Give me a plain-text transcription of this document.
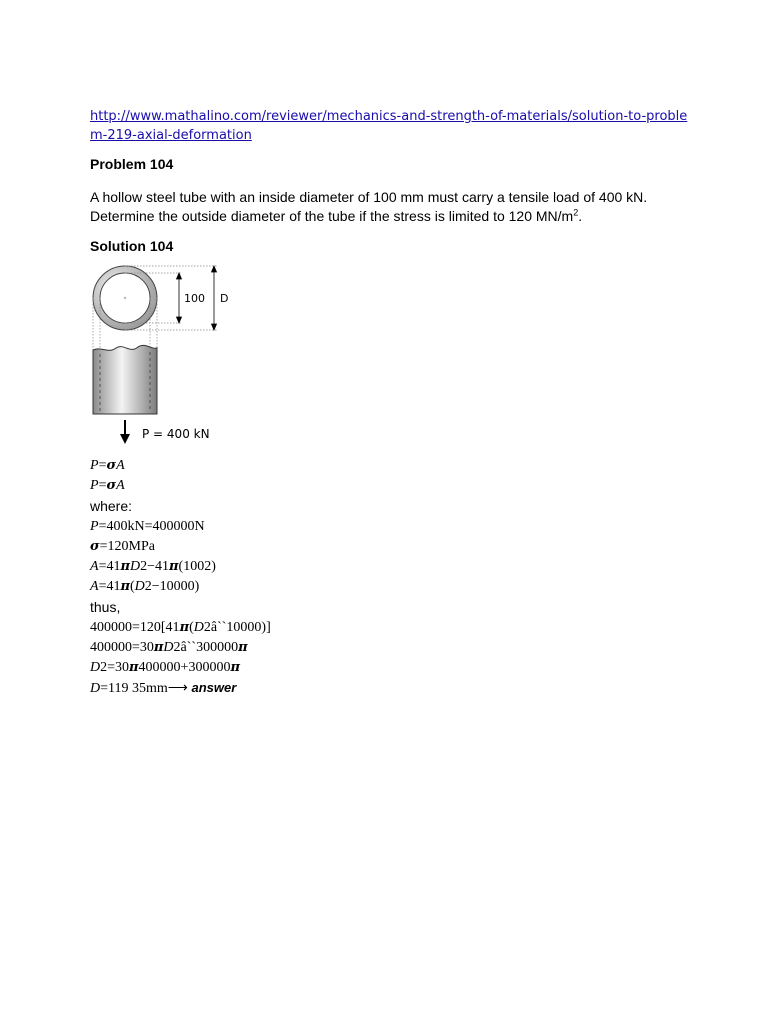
http://www.mathalino.com/reviewer/mechanics-and-strength-of-materials/solution-to-problem-219-axial-deformation
Problem 104
A hollow steel tube with an inside diameter of 100 mm must carry a tensile load of 400 kN. Determine the outside diameter of the tube if the stress is limited to 120 $MN/m^2$.
Solution 104
100 D
P = 400 kN
P=σA
P=σA
where:
P=400kN=400000N
σ=120MPa
A=41πD2−41π(1002)
A=41π(D2−10000)
thus,
400000=120[41π(D2â``10000)]
400000=30πD2â``300000π
D2=30π400000+300000π
D=119 35mm⟶ answer
